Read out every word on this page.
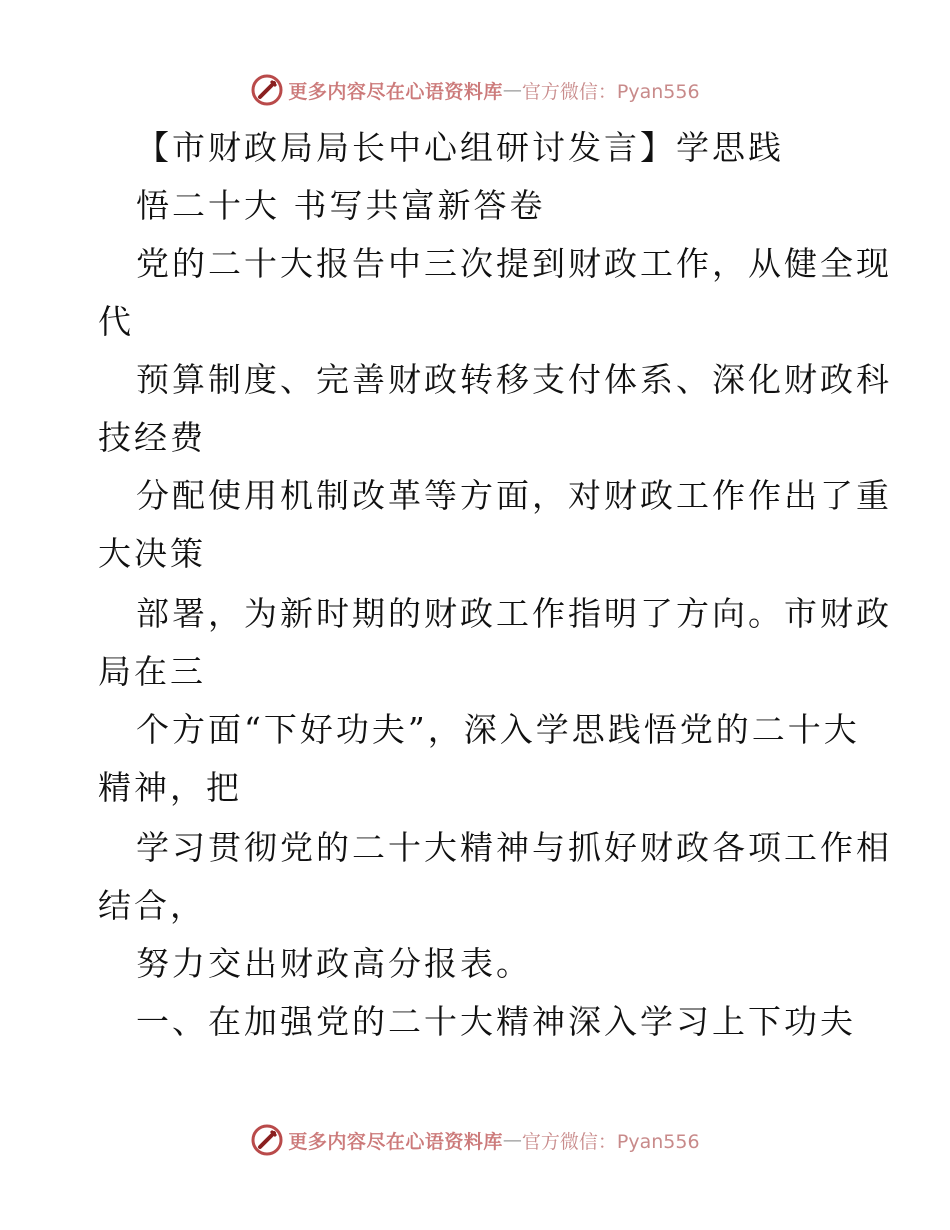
更多内容尽在心语资料库 — 官方微信：Pyan556
【市财政局局长中心组研讨发言】学思践
悟二十大 书写共富新答卷
党的二十大报告中三次提到财政工作，从健全现
代
预算制度、完善财政转移支付体系、深化财政科
技经费
分配使用机制改革等方面，对财政工作作出了重
大决策
部署，为新时期的财政工作指明了方向。市财政
局在三
个方面“下好功夫”，深入学思践悟党的二十大
精神，把
学习贯彻党的二十大精神与抓好财政各项工作相
结合，
努力交出财政高分报表。
一、在加强党的二十大精神深入学习上下功夫
更多内容尽在心语资料库 — 官方微信：Pyan556
